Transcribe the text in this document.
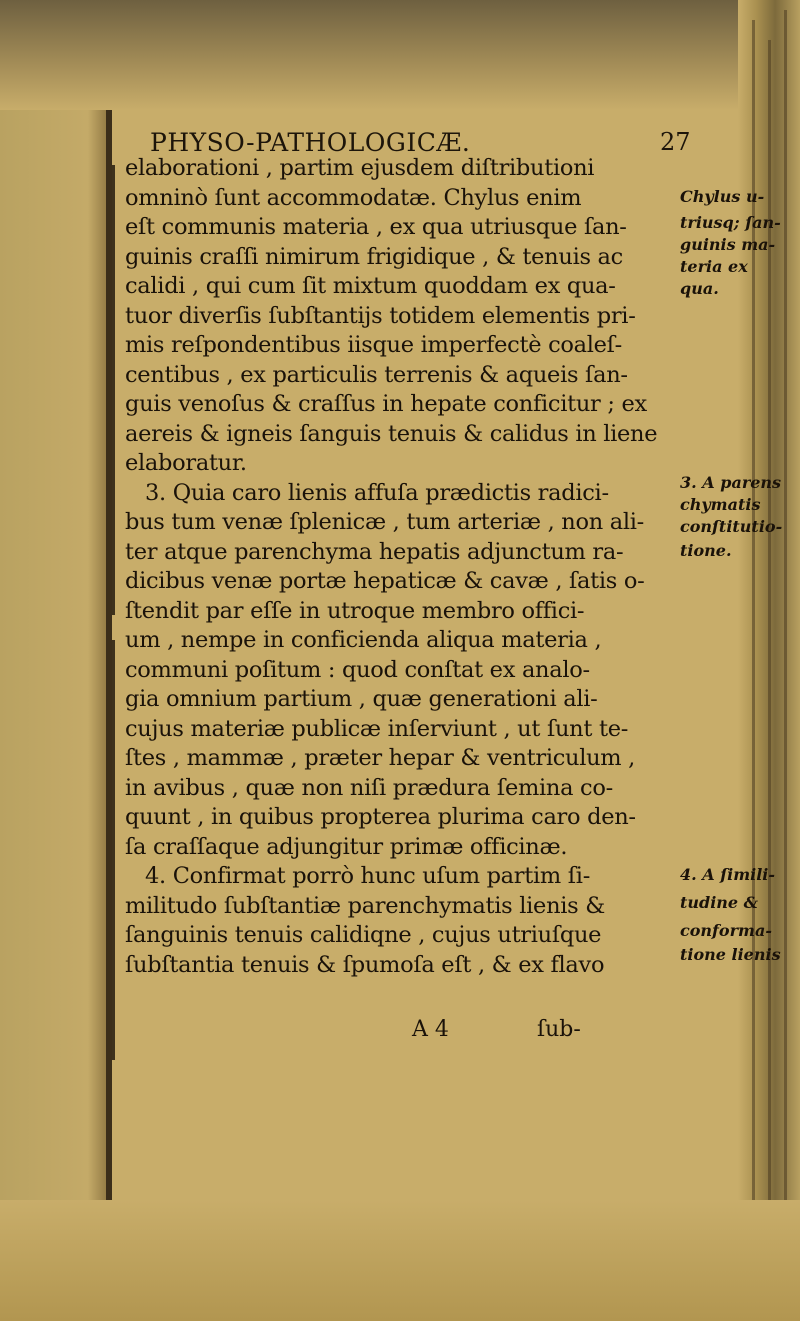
PHYSO-PATHOLOGICÆ.	27
elaborationi , partim ejusdem diſtributioni
omninò ſunt accommodatæ. Chylus enim
eſt communis materia , ex qua utriusque ſan-
guinis craſſi nimirum frigidique , & tenuis ac
calidi , qui cum ſit mixtum quoddam ex qua-
tuor diverſis ſubſtantijs totidem elementis pri-
mis reſpondentibus iisque imperfectè coaleſ-
centibus , ex particulis terrenis & aqueis ſan-
guis venoſus & craſſus in hepate conficitur ; ex
aereis & igneis ſanguis tenuis & calidus in liene
elaboratur.
3. Quia caro lienis affuſa prædictis radici-
bus tum venæ ſplenicæ , tum arteriæ , non ali-
ter atque parenchyma hepatis adjunctum ra-
dicibus venæ portæ hepaticæ & cavæ , ſatis o-
ſtendit par eſſe in utroque membro offici-
um , nempe in conficienda aliqua materia ,
communi poſitum : quod conſtat ex analo-
gia omnium partium , quæ generationi ali-
cujus materiæ publicæ inſerviunt , ut ſunt te-
ſtes , mammæ , præter hepar & ventriculum ,
in avibus , quæ non niſi prædura ſemina co-
quunt , in quibus propterea plurima caro den-
ſa craſſaque adjungitur primæ officinæ.
4. Confirmat porrò hunc uſum partim ſi-
militudo ſubſtantiæ parenchymatis lienis &
ſanguinis tenuis calidiqne , cujus utriuſque
ſubſtantia tenuis & ſpumoſa eſt , & ex flavo
Chylus u-
triusq; ſan-
guinis ma-
teria ex
qua.
3. A parens
chymatis
conſtitutio-
tione.
4. A ſimili-
tudine &
conforma-
tione lienis
A 4	ſub-
